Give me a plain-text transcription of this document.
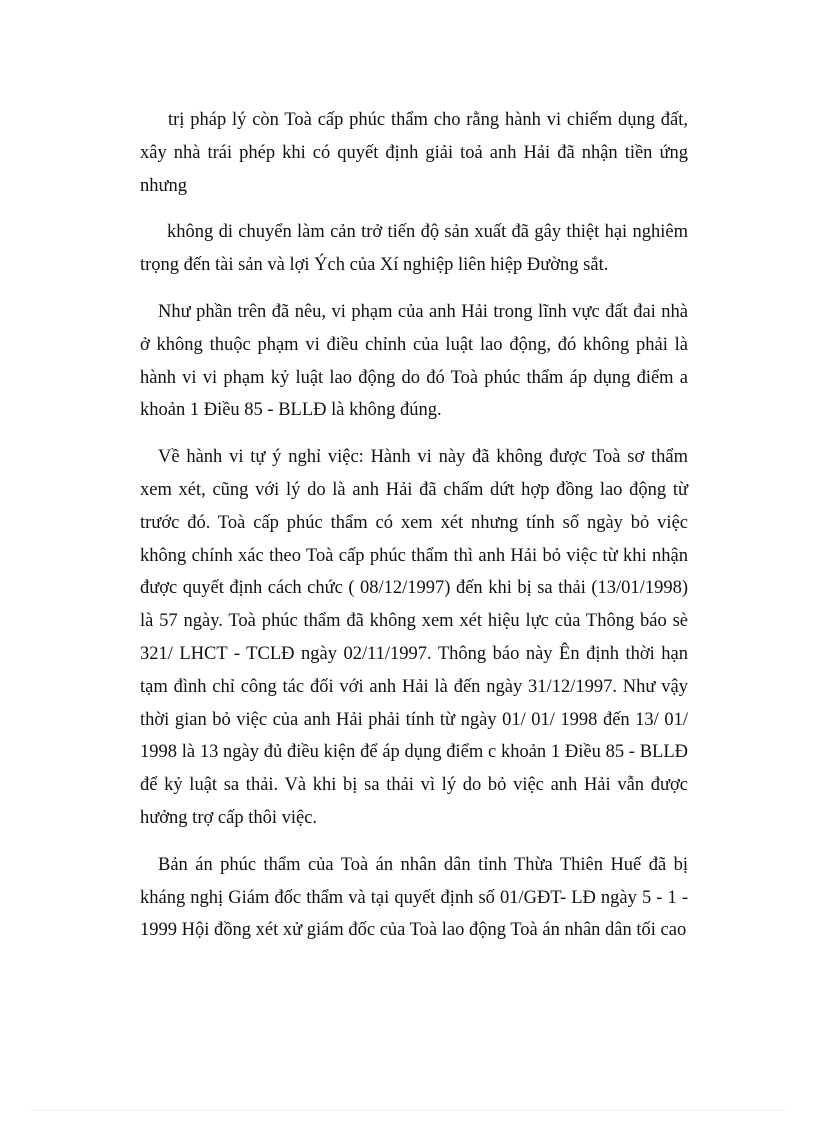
trị pháp lý còn Toà cấp phúc thẩm cho rằng hành vi chiếm dụng đất, xây nhà trái phép khi có quyết định giải toả anh Hải đã nhận tiền ứng nhưng

không di chuyển làm cản trở tiến độ sản xuất đã gây thiệt hại nghiêm trọng đến tài sản và lợi Ých của Xí nghiệp liên hiệp Đường sắt.

Như phần trên đã nêu, vi phạm của anh Hải trong lĩnh vực đất đai nhà ở không thuộc phạm vi điều chỉnh của luật lao động, đó không phải là hành vi vi phạm kỷ luật lao động do đó Toà phúc thẩm áp dụng điểm a khoản 1 Điều 85 - BLLĐ là không đúng.

Về hành vi tự ý nghỉ việc: Hành vi này đã không được Toà sơ thẩm xem xét, cũng với lý do là anh Hải đã chấm dứt hợp đồng lao động từ trước đó. Toà cấp phúc thẩm có xem xét nhưng tính số ngày bỏ việc không chính xác theo Toà cấp phúc thẩm thì anh Hải bỏ việc từ khi nhận được quyết định cách chức ( 08/12/1997) đến khi bị sa thải (13/01/1998) là 57 ngày. Toà phúc thẩm đã không xem xét hiệu lực của Thông báo sè 321/ LHCT - TCLĐ ngày 02/11/1997. Thông báo này Ên định thời hạn tạm đình chỉ công tác đối với anh Hải là đến ngày 31/12/1997. Như vậy thời gian bỏ việc của anh Hải phải tính từ ngày 01/ 01/ 1998 đến 13/ 01/ 1998 là 13 ngày đủ điều kiện để áp dụng điểm c khoản 1 Điều 85 - BLLĐ để kỷ luật sa thải. Và khi bị sa thải vì lý do bỏ việc anh Hải vẫn được hưởng trợ cấp thôi việc.

Bản án phúc thẩm của Toà án nhân dân tỉnh Thừa Thiên Huế đã bị kháng nghị Giám đốc thẩm và tại quyết định số 01/GĐT- LĐ ngày 5 - 1 - 1999 Hội đồng xét xử giám đốc của Toà lao động Toà án nhân dân tối cao
